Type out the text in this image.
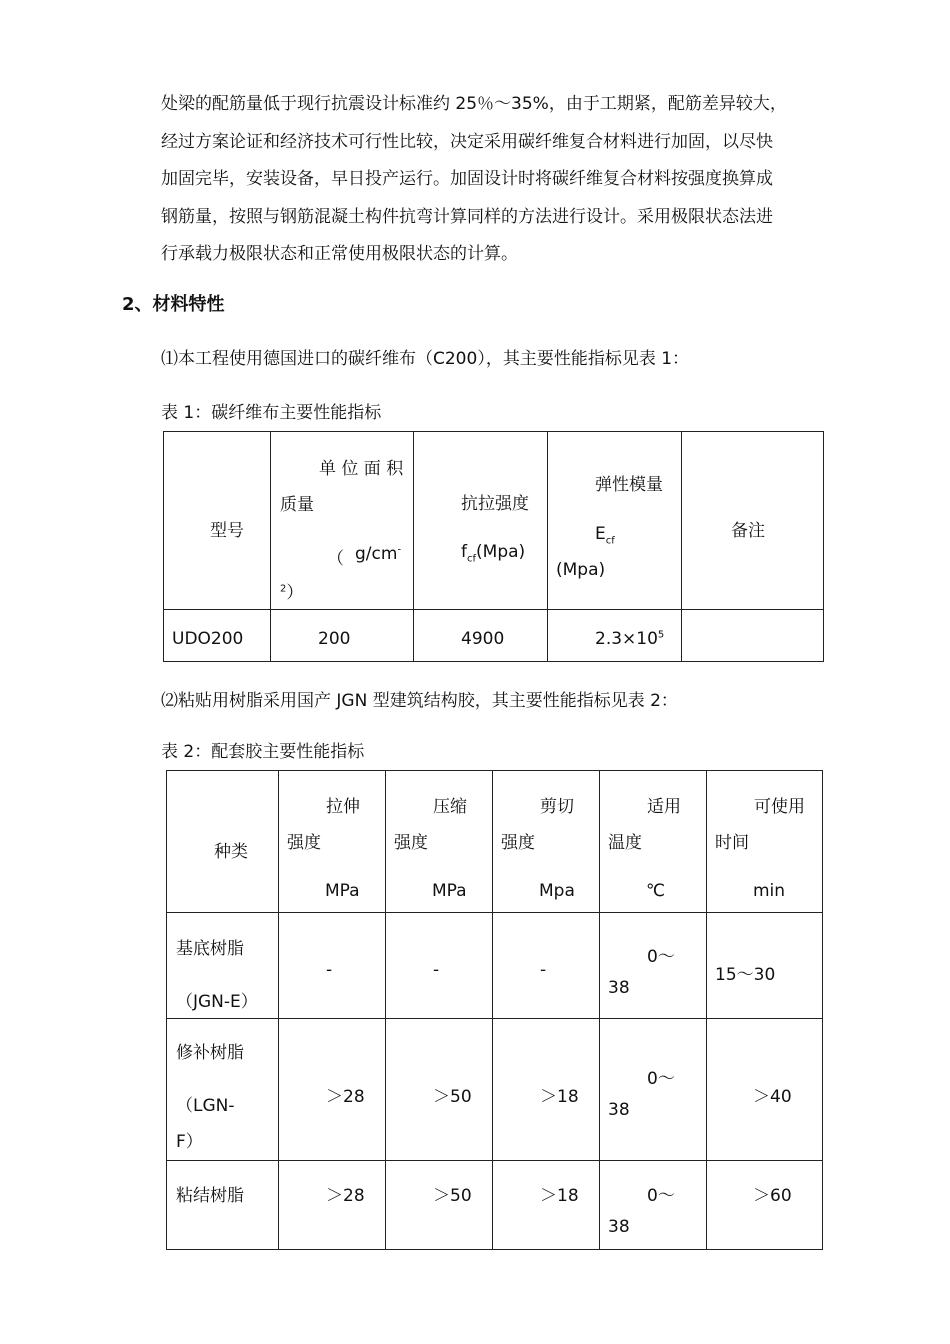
处梁的配筋量低于现行抗震设计标准约 25％～35%，由于工期紧，配筋差异较大，
经过方案论证和经济技术可行性比较，决定采用碳纤维复合材料进行加固，以尽快
加固完毕，安装设备，早日投产运行。加固设计时将碳纤维复合材料按强度换算成
钢筋量，按照与钢筋混凝土构件抗弯计算同样的方法进行设计。采用极限状态法进
行承载力极限状态和正常使用极限状态的计算。
2、材料特性
⑴本工程使用德国进口的碳纤维布（C200），其主要性能指标见表 1：
表 1：碳纤维布主要性能指标
型号	单 位 面 积
质量
（ g/cm-
$^2$）	抗拉强度
$f_{cf}(Mpa)$	弹性模量
$E_{cf}$
(Mpa)	备注

UDO200	200	4900	$2.3\times 10^5$

⑵粘贴用树脂采用国产 JGN 型建筑结构胶，其主要性能指标见表 2：
表 2：配套胶主要性能指标
种类	拉伸
强度
MPa	压缩
强度
MPa	剪切
强度
Mpa	适用
温度
℃	可使用
时间
min

基底树脂
（JGN-E）	-	-	-	0～
38	15～30

修补树脂
（LGN-
F）	＞28	＞50	＞18	0～
38	＞40

粘结树脂	＞28	＞50	＞18	0～
38	＞60
